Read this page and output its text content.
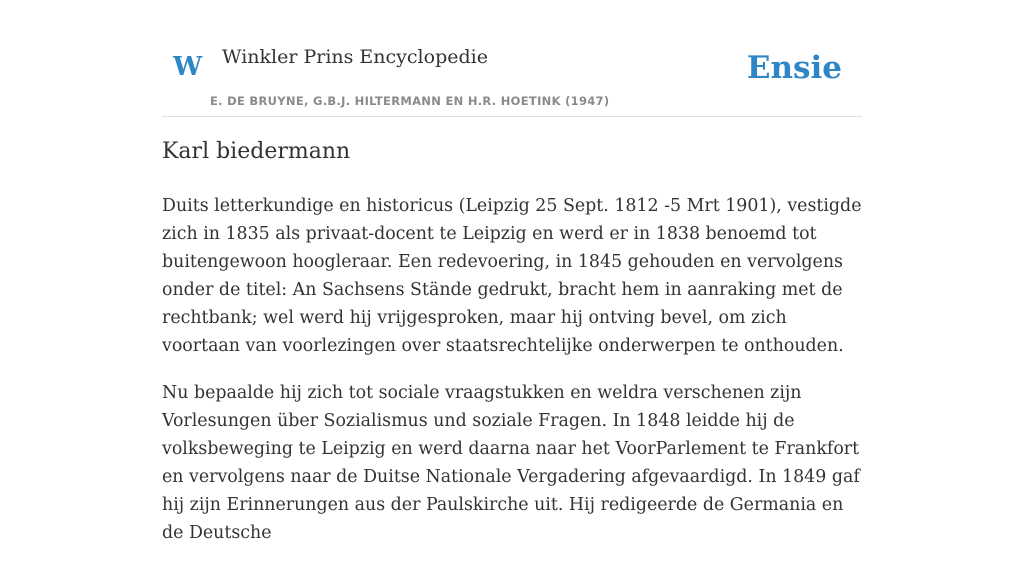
W Winkler Prins Encyclopedie
E. DE BRUYNE, G.B.J. HILTERMANN EN H.R. HOETINK (1947)
Ensie
Karl biedermann

Duits letterkundige en historicus (Leipzig 25 Sept. 1812 -5 Mrt 1901), vestigde zich in 1835 als privaat-docent te Leipzig en werd er in 1838 benoemd tot buitengewoon hoogleraar. Een redevoering, in 1845 gehouden en vervolgens onder de titel: An Sachsens Stände gedrukt, bracht hem in aanraking met de rechtbank; wel werd hij vrijgesproken, maar hij ontving bevel, om zich voortaan van voorlezingen over staatsrechtelijke onderwerpen te onthouden.

Nu bepaalde hij zich tot sociale vraagstukken en weldra verschenen zijn Vorlesungen über Sozialismus und soziale Fragen. In 1848 leidde hij de volksbeweging te Leipzig en werd daarna naar het VoorParlement te Frankfort en vervolgens naar de Duitse Nationale Vergadering afgevaardigd. In 1849 gaf hij zijn Erinnerungen aus der Paulskirche uit. Hij redigeerde de Germania en de Deutsche
